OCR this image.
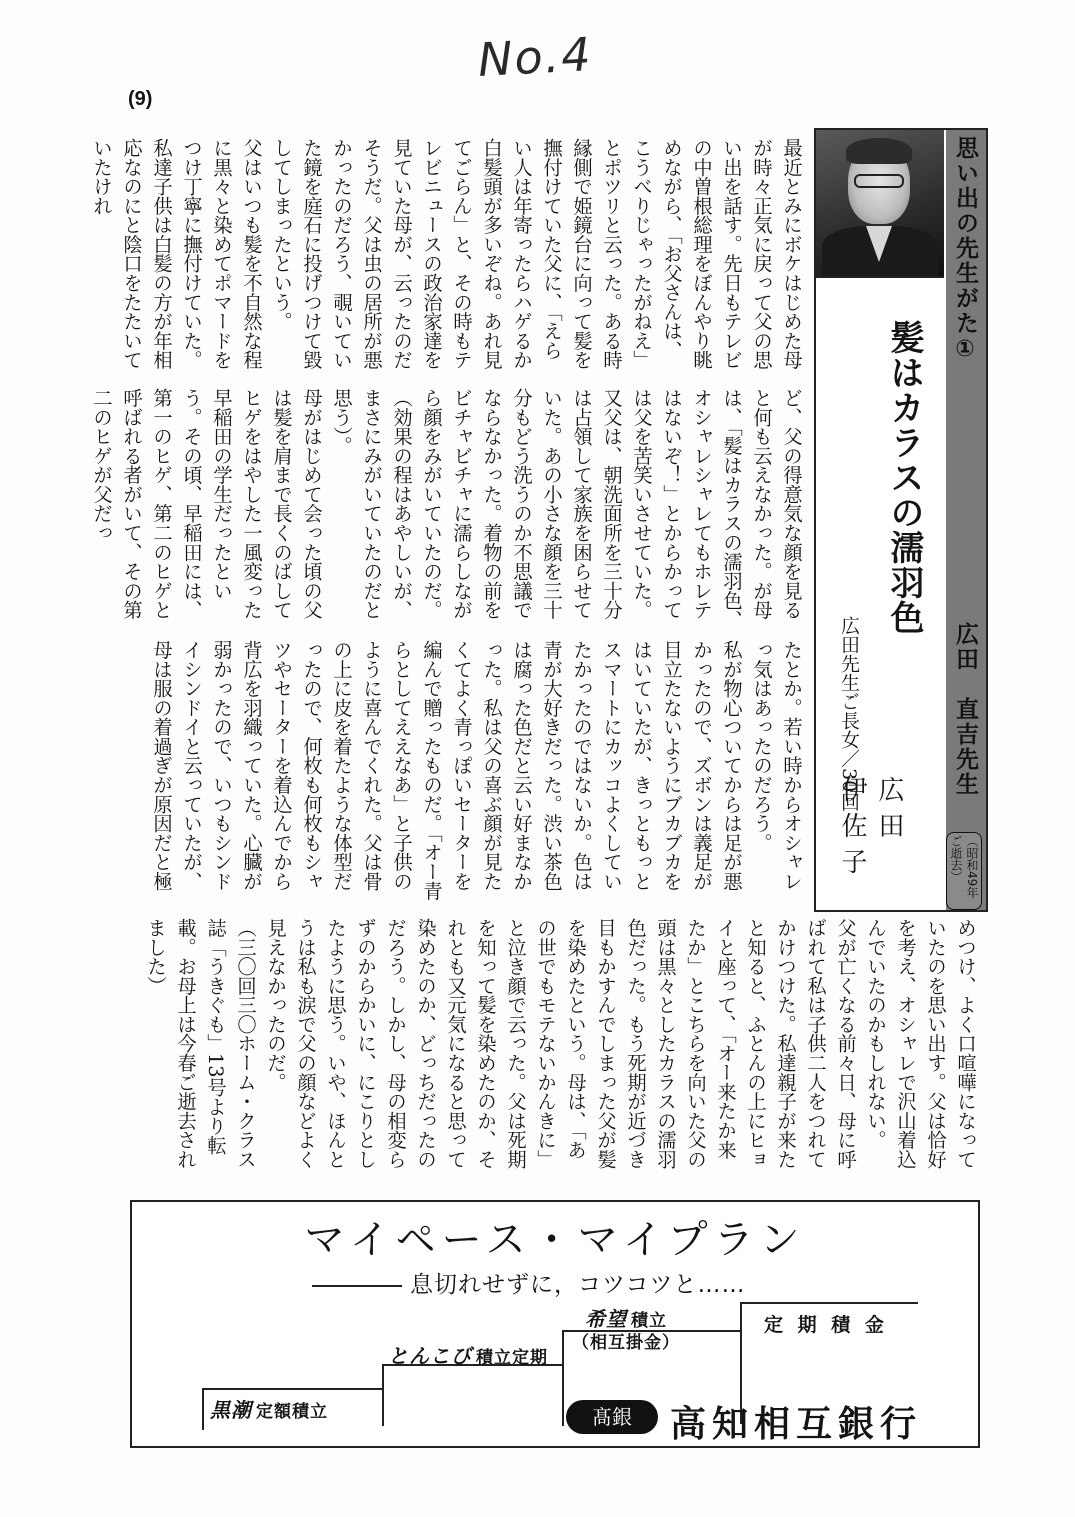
No.4
(9)
思い出の先生がた①
広田　直吉先生
（昭和49年ご逝去）
髪はカラスの濡羽色
広田先生ご長女／30回
広田　伊佐子

最近とみにボケはじめた母が時々正気に戻って父の思い出を話す。先日もテレビの中曽根総理をぼんやり眺めながら、「お父さんは、こうべりじゃったがねえ」とポツリと云った。ある時縁側で姫鏡台に向って髪を撫付けていた父に、「えらい人は年寄ったらハゲるか白髪頭が多いぞね。あれ見てごらん」と、その時もテレビニュースの政治家達を見ていた母が、云ったのだそうだ。父は虫の居所が悪かったのだろう、覗いていた鏡を庭石に投げつけて毀してしまったという。

父はいつも髪を不自然な程に黒々と染めてポマードをつけ丁寧に撫付けていた。私達子供は白髪の方が年相応なのにと陰口をたたいていたけれ

ど、父の得意気な顔を見ると何も云えなかった。が母は、「髪はカラスの濡羽色、オシャレシャレてもホレテはないぞ！」とからかっては父を苦笑いさせていた。

又父は、朝洗面所を三十分は占領して家族を困らせていた。あの小さな顔を三十分もどう洗うのか不思議でならなかった。着物の前をビチャビチャに濡らしながら顔をみがいていたのだ。（効果の程はあやしいが、まさにみがいていたのだと思う）。

母がはじめて会った頃の父は髪を肩まで長くのばしてヒゲをはやした一風変った早稲田の学生だったという。その頃、早稲田には、第一のヒゲ、第二のヒゲと呼ばれる者がいて、その第二のヒゲが父だっ

たとか。若い時からオシャレっ気はあったのだろう。

私が物心ついてからは足が悪かったので、ズボンは義足が目立たないようにブカブカをはいていたが、きっともっとスマートにカッコよくしていたかったのではないか。色は青が大好きだった。渋い茶色は腐った色だと云い好まなかった。私は父の喜ぶ顔が見たくてよく青っぽいセーターを編んで贈ったものだ。「オー青らとしてええなあ」と子供のように喜んでくれた。父は骨の上に皮を着たような体型だったので、何枚も何枚もシャツやセーターを着込んでから背広を羽織っていた。心臓が弱かったので、いつもシンドイシンドイと云っていたが、母は服の着過ぎが原因だと極

めつけ、よく口喧嘩になっていたのを思い出す。父は恰好を考え、オシャレで沢山着込んでいたのかもしれない。

父が亡くなる前々日、母に呼ばれて私は子供二人をつれてかけつけた。私達親子が来たと知ると、ふとんの上にヒョイと座って、「オー来たか来たか」とこちらを向いた父の頭は黒々としたカラスの濡羽色だった。もう死期が近づき目もかすんでしまった父が髪を染めたという。母は、「あの世でもモテないかんきに」と泣き顔で云った。父は死期を知って髪を染めたのか、それとも又元気になると思って染めたのか、どっちだったのだろう。しかし、母の相変らずのからかいに、にこりとしたように思う。いや、ほんとうは私も涙で父の顔などよく見えなかったのだ。

（三〇回三〇ホーム・クラス誌「うきぐも」13号より転載。お母上は今春ご逝去されました）

マイペース・マイプラン
息切れせずに，コツコツと……
黒潮 定額積立
とんこび 積立定期
希望 積立
（相互掛金）
定 期 積 金
髙銀	高知相互銀行
